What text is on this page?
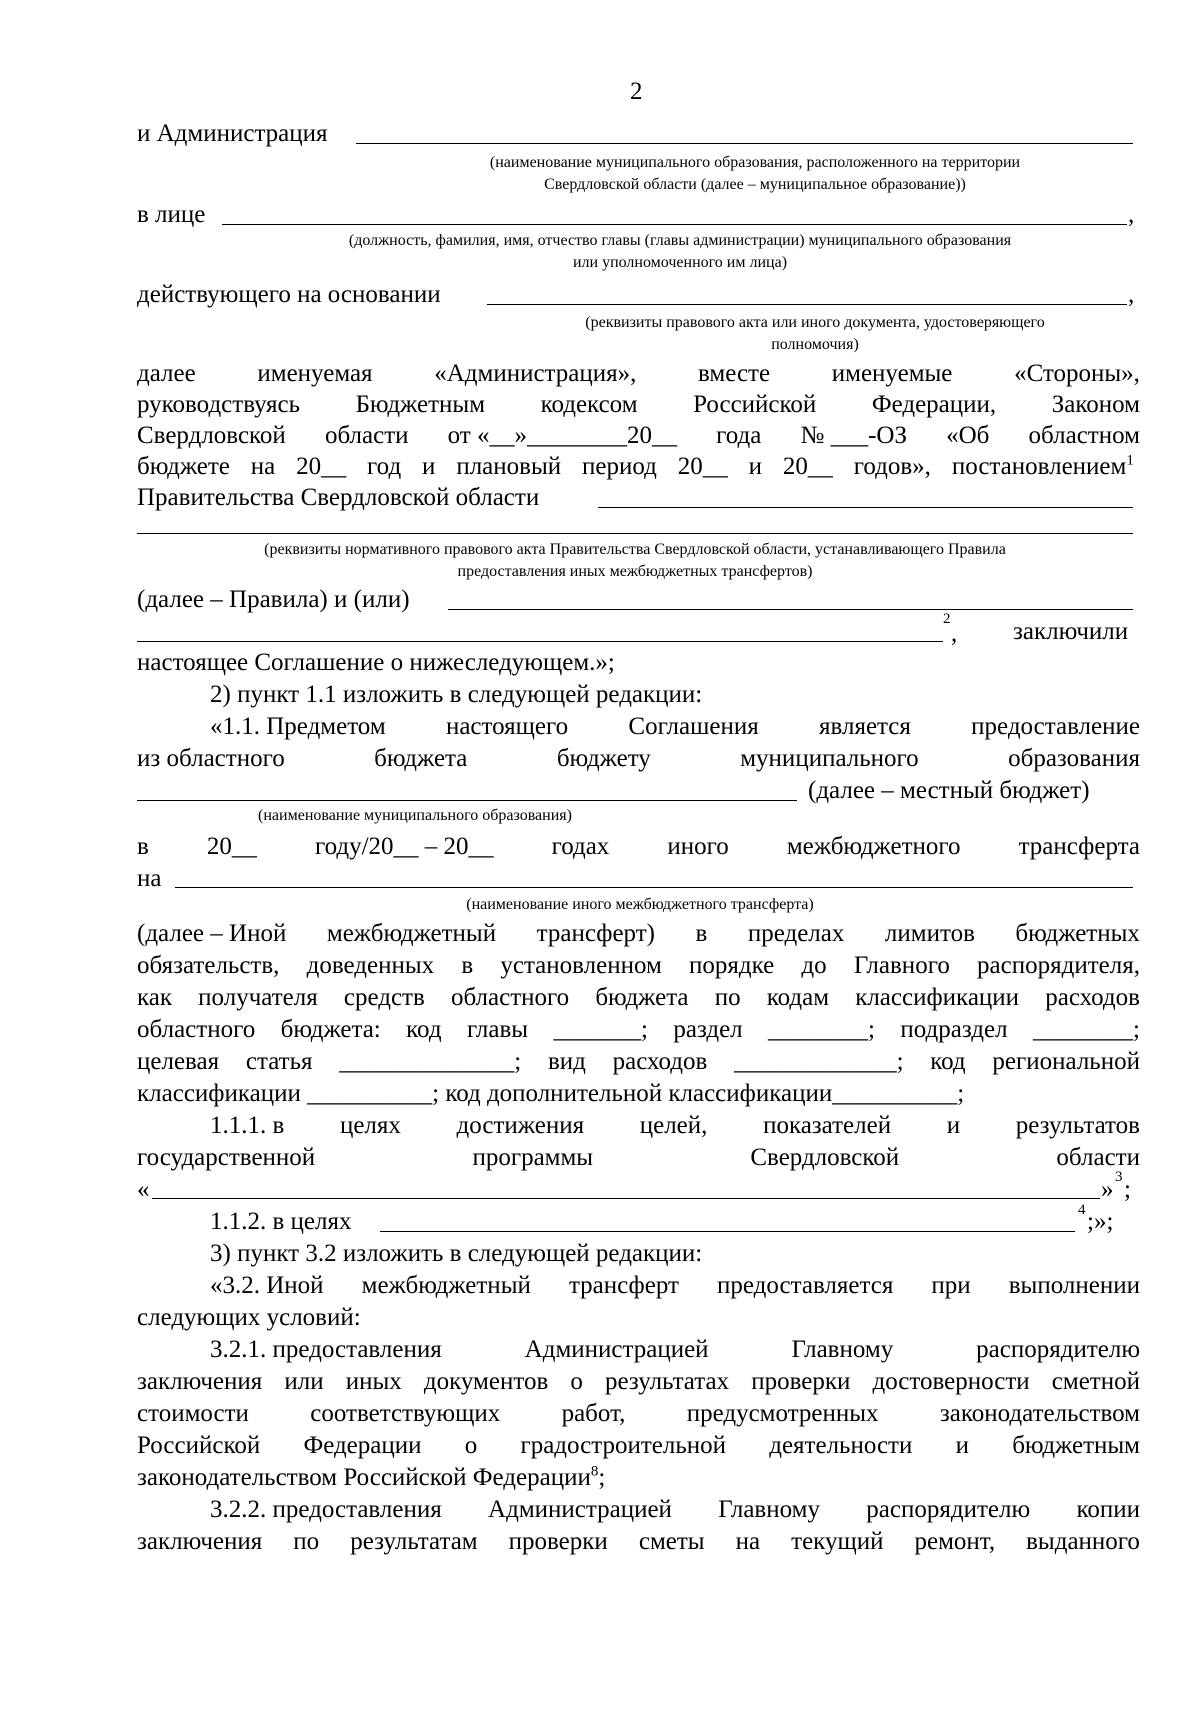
2
и Администрация
(наименование муниципального образования, расположенного на территории
Свердловской области (далее – муниципальное образование))
в лице	,
(должность, фамилия, имя, отчество главы (главы администрации) муниципального образования
или уполномоченного им лица)
действующего на основании	,
(реквизиты правового акта или иного документа, удостоверяющего
полномочия)
далее именуемая «Администрация», вместе именуемые «Стороны»,
руководствуясь Бюджетным кодексом Российской Федерации, Законом
Свердловской области от «__»________20__ года № ___-ОЗ «Об областном
бюджете на 20__ год и плановый период 20__ и 20__ годов», постановлением$^1$
Правительства Свердловской области
(реквизиты нормативного правового акта Правительства Свердловской области, устанавливающего Правила
предоставления иных межбюджетных трансфертов)
(далее – Правила) и (или)
2
, заключили
настоящее Соглашение о нижеследующем.»;
2) пункт 1.1 изложить в следующей редакции:
«1.1. Предметом настоящего Соглашения является предоставление
из областного	бюджета	бюджету	муниципального	образования
(далее – местный бюджет)
(наименование муниципального образования)
в 20__ году/20__ – 20__ годах иного межбюджетного трансферта
на
(наименование иного межбюджетного трансферта)
(далее – Иной межбюджетный трансферт) в пределах лимитов бюджетных
обязательств, доведенных в установленном порядке до Главного распорядителя,
как получателя средств областного бюджета по кодам классификации расходов
областного бюджета: код главы _______; раздел ________; подраздел ________;
целевая статья ______________; вид расходов _____________; код региональной
классификации __________; код дополнительной классификации__________;
1.1.1. в целях достижения целей, показателей и результатов
государственной	программы	Свердловской	области
«	» 3 ;
1.1.2. в целях	4 ;»;
3) пункт 3.2 изложить в следующей редакции:
«3.2. Иной межбюджетный трансферт предоставляется при выполнении
следующих условий:
3.2.1. предоставления	Администрацией	Главному	распорядителю
заключения или иных документов о результатах проверки достоверности сметной
стоимости соответствующих работ, предусмотренных законодательством
Российской Федерации о градостроительной деятельности и бюджетным
законодательством Российской Федерации$^8$;
3.2.2. предоставления Администрацией Главному распорядителю копии
заключения по результатам проверки сметы на текущий ремонт, выданного
